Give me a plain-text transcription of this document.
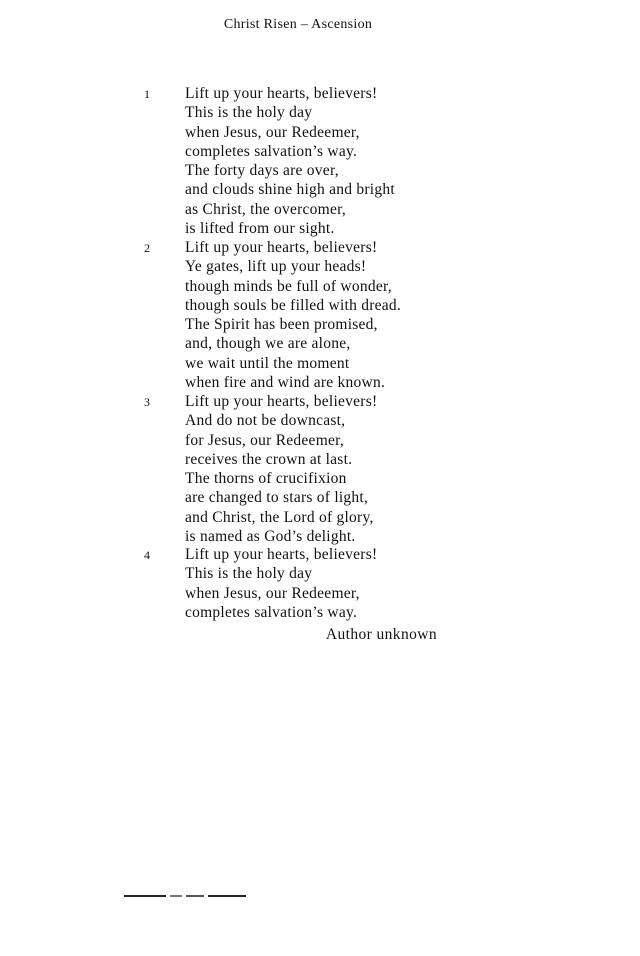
Christ Risen – Ascension
1 Lift up your hearts, believers!
This is the holy day
when Jesus, our Redeemer,
completes salvation’s way.
The forty days are over,
and clouds shine high and bright
as Christ, the overcomer,
is lifted from our sight.
2 Lift up your hearts, believers!
Ye gates, lift up your heads!
though minds be full of wonder,
though souls be filled with dread.
The Spirit has been promised,
and, though we are alone,
we wait until the moment
when fire and wind are known.
3 Lift up your hearts, believers!
And do not be downcast,
for Jesus, our Redeemer,
receives the crown at last.
The thorns of crucifixion
are changed to stars of light,
and Christ, the Lord of glory,
is named as God’s delight.
4 Lift up your hearts, believers!
This is the holy day
when Jesus, our Redeemer,
completes salvation’s way.
Author unknown
